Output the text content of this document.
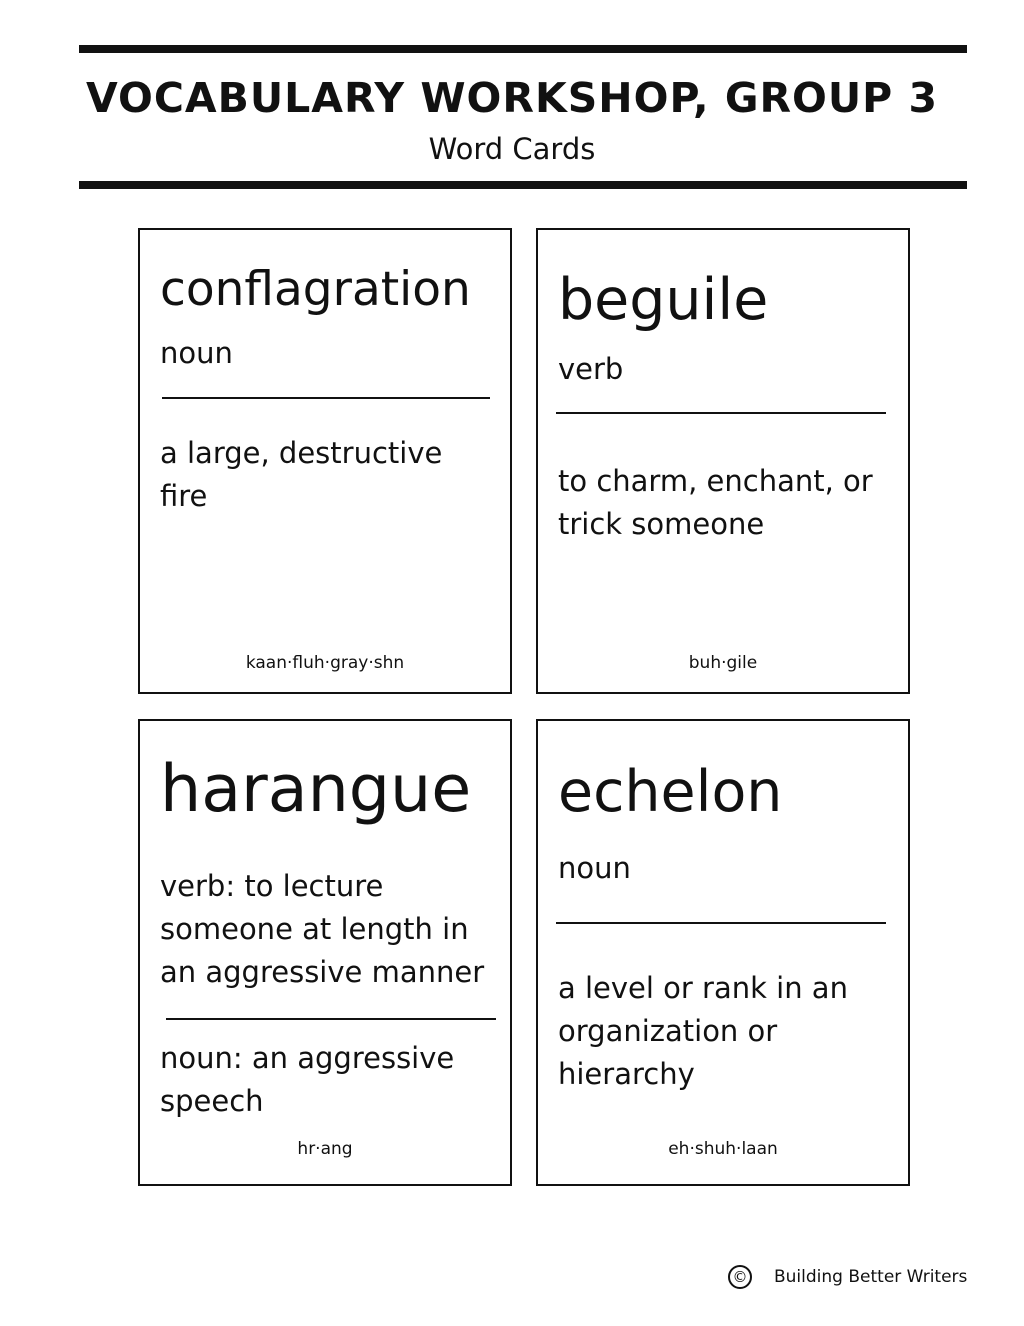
VOCABULARY WORKSHOP, GROUP 3
Word Cards
conflagration
noun
a large, destructive fire
kaan·fluh·gray·shn
beguile
verb
to charm, enchant, or trick someone
buh·gile
harangue
verb: to lecture someone at length in an aggressive manner
noun: an aggressive speech
hr·ang
echelon
noun
a level or rank in an organization or hierarchy
eh·shuh·laan
© Building Better Writers
